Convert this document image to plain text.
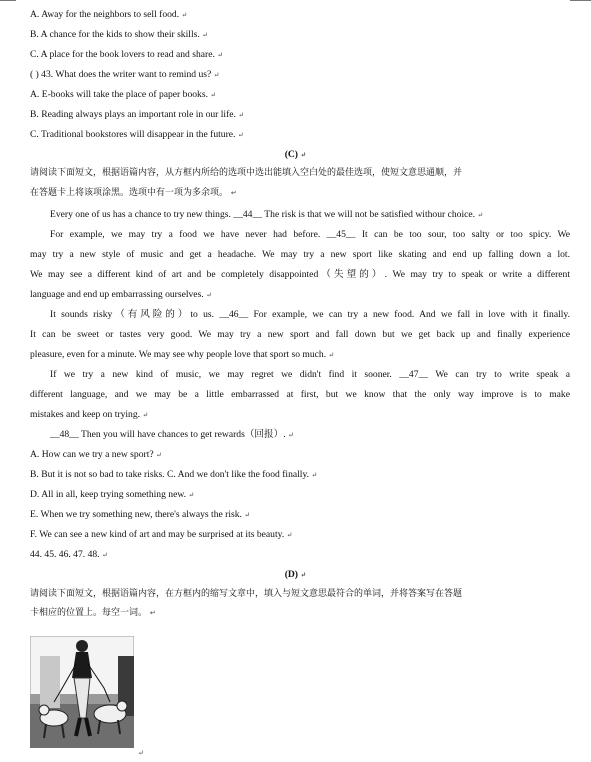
A. Away for the neighbors to sell food. ↵
B. A chance for the kids to show their skills. ↵
C. A place for the book lovers to read and share. ↵
( ) 43. What does the writer want to remind us? ↵
A. E-books will take the place of paper books. ↵
B. Reading always plays an important role in our life. ↵
C. Traditional bookstores will disappear in the future. ↵
(C) ↵
请阅读下面短文，根据语篇内容，从方框内所给的选项中选出能填入空白处的最佳选项，使短文意思通顺，并
在答题卡上将该项涂黑。选项中有一项为多余项。 ↵
Every one of us has a chance to try new things. __44__ The risk is that we will not be satisfied withour choice. ↵
For example, we may try a food we have never had before. __45__ It can be too sour, too salty or too spicy. We
may try a new style of music and get a headache. We may try a new sport like skating and end up falling down a lot.
We may see a different kind of art and be completely disappointed（失望的）. We may try to speak or write a different
language and end up embarrassing ourselves. ↵
It sounds risky（有风险的）to us. __46__ For example, we can try a new food. And we fall in love with it finally.
It can be sweet or tastes very good. We may try a new sport and fall down but we get back up and finally experience
pleasure, even for a minute. We may see why people love that sport so much. ↵
If we try a new kind of music, we may regret we didn't find it sooner. __47__ We can try to write speak a
different language, and we may be a little embarrassed at first, but we know that the only way improve is to make
mistakes and keep on trying. ↵
__48__ Then you will have chances to get rewards（回报）. ↵
A. How can we try a new sport? ↵
B. But it is not so bad to take risks. C. And we don't like the food finally. ↵
D. All in all, keep trying something new. ↵
E. When we try something new, there's always the risk. ↵
F. We can see a new kind of art and may be surprised at its beauty. ↵
44. 45. 46. 47. 48. ↵
(D) ↵
请阅读下面短文，根据语篇内容，在方框内的缩写文章中，填入与短文意思最符合的单词，并将答案写在答题
卡相应的位置上。每空一词。 ↵
↵
